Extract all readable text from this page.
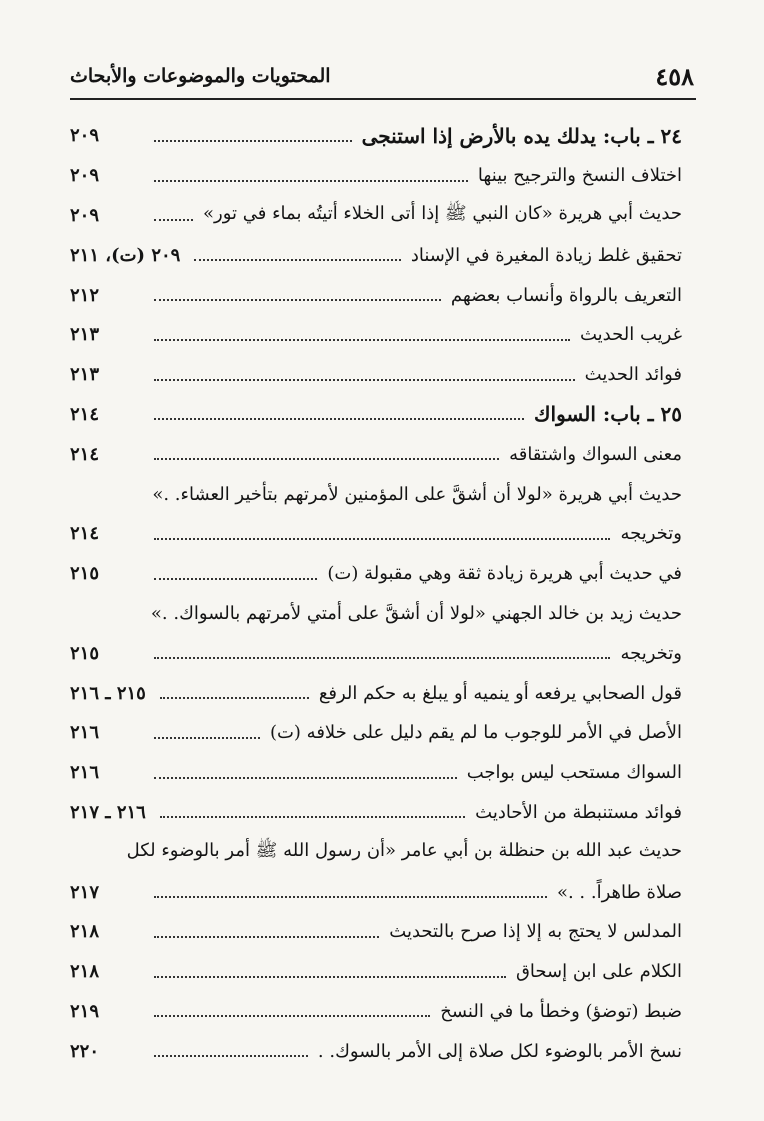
٤٥٨
المحتويات والموضوعات والأبحاث
٢٤ ـ باب: يدلك يده بالأرض إذا استنجى
٢٠٩
اختلاف النسخ والترجيح بينها
٢٠٩
حديث أبي هريرة «كان النبي ﷺ إذا أتى الخلاء أتيتُه بماء في تور»
٢٠٩
تحقيق غلط زيادة المغيرة في الإسناد
٢٠٩ (ت)، ٢١١
التعريف بالرواة وأنساب بعضهم
٢١٢
غريب الحديث
٢١٣
فوائد الحديث
٢١٣
٢٥ ـ باب: السواك
٢١٤
معنى السواك واشتقاقه
٢١٤
حديث أبي هريرة «لولا أن أشقَّ على المؤمنين لأمرتهم بتأخير العشاء. .»
وتخريجه
٢١٤
في حديث أبي هريرة زيادة ثقة وهي مقبولة (ت)
٢١٥
حديث زيد بن خالد الجهني «لولا أن أشقَّ على أمتي لأمرتهم بالسواك. .»
وتخريجه
٢١٥
قول الصحابي يرفعه أو ينميه أو يبلغ به حكم الرفع
٢١٥ ـ ٢١٦
الأصل في الأمر للوجوب ما لم يقم دليل على خلافه (ت)
٢١٦
السواك مستحب ليس بواجب
٢١٦
فوائد مستنبطة من الأحاديث
٢١٦ ـ ٢١٧
حديث عبد الله بن حنظلة بن أبي عامر «أن رسول الله ﷺ أمر بالوضوء لكل
صلاة طاهراً. . .»
٢١٧
المدلس لا يحتج به إلا إذا صرح بالتحديث
٢١٨
الكلام على ابن إسحاق
٢١٨
ضبط (توضؤ) وخطأ ما في النسخ
٢١٩
نسخ الأمر بالوضوء لكل صلاة إلى الأمر بالسوك. .
٢٢٠
